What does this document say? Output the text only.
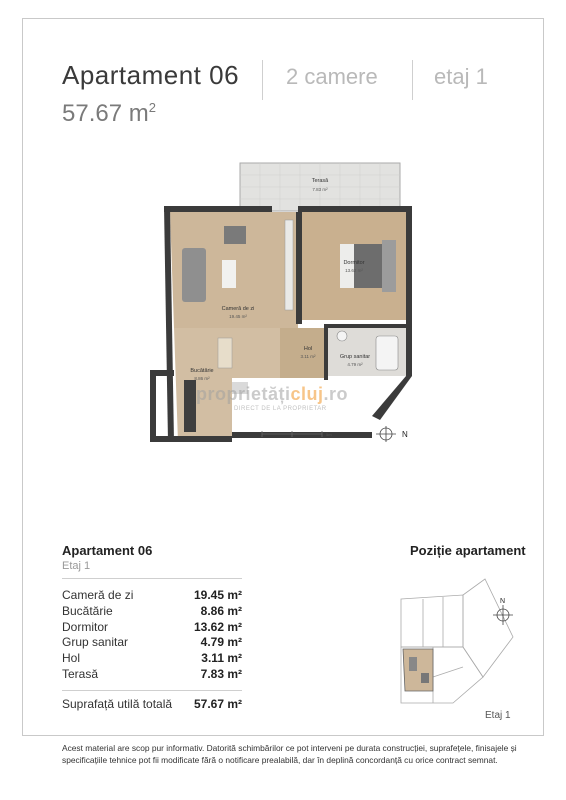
Apartament 06 2 camere	etaj 1
57.67 $m^2$
Terasă
7.83 m²
Dormitor
13.62 m²
Cameră de zi
19.45 m²
Hol
3.11 m²	Grup sanitar
4.79 m²
Bucătărie
8.86 m²
5m	N
proprietățicluj.ro
DIRECT DE LA PROPRIETAR
Apartament 06
Etaj 1
Cameră de zi	19.45 m²
Bucătărie	8.86 m²
Dormitor	13.62 m²
Grup sanitar	4.79 m²
Hol	3.11 m²
Terasă	7.83 m²
Suprafață utilă totală 57.67 m²
Poziție apartament
N
Etaj 1
Acest material are scop pur informativ. Datorită schimbărilor ce pot interveni pe durata construcției, suprafețele, finisajele și specificațiile tehnice pot fii modificate fără o notificare prealabilă, dar în deplină concordanță cu orice contract semnat.
